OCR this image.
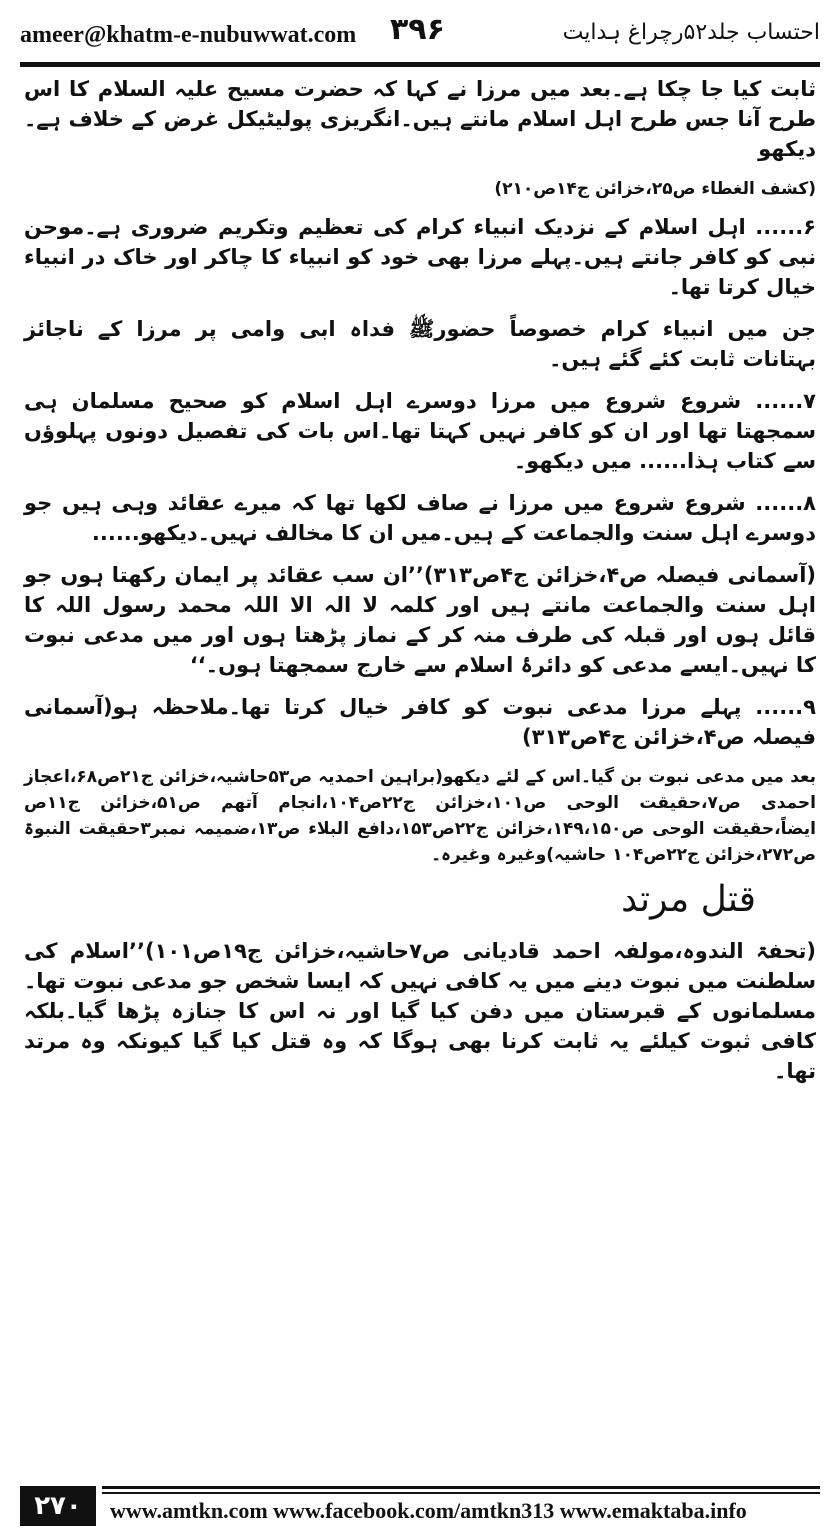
ameer@khatm-e-nubuwwat.com ۳۹۶	احتساب جلد۵۲رچراغ ہدایت

ثابت کیا جا چکا ہے۔بعد میں مرزا نے کہا کہ حضرت مسیح علیہ السلام کا اس طرح آنا جس طرح اہل اسلام مانتے ہیں۔انگریزی پولیٹیکل غرض کے خلاف ہے۔دیکھو

(کشف الغطاء ص۲۵،خزائن ج۱۴ص۲۱۰)

۶...... اہل اسلام کے نزدیک انبیاء کرام کی تعظیم وتکریم ضروری ہے۔موحن نبی کو کافر جانتے ہیں۔پہلے مرزا بھی خود کو انبیاء کا چاکر اور خاک در انبیاء خیال کرتا تھا۔

جن میں انبیاء کرام خصوصاً حضورﷺ فداہ ابی وامی پر مرزا کے ناجائز بہتانات ثابت کئے گئے ہیں۔

۷...... شروع شروع میں مرزا دوسرے اہل اسلام کو صحیح مسلمان ہی سمجھتا تھا اور ان کو کافر نہیں کہتا تھا۔اس بات کی تفصیل دونوں پہلوؤں سے کتاب ہذا...... میں دیکھو۔

۸...... شروع شروع میں مرزا نے صاف لکھا تھا کہ میرے عقائد وہی ہیں جو دوسرے اہل سنت والجماعت کے ہیں۔میں ان کا مخالف نہیں۔دیکھو......

(آسمانی فیصلہ ص۴،خزائن ج۴ص۳۱۳)’’ان سب عقائد پر ایمان رکھتا ہوں جو اہل سنت والجماعت مانتے ہیں اور کلمہ لا الہ الا اللہ محمد رسول اللہ کا قائل ہوں اور قبلہ کی طرف منہ کر کے نماز پڑھتا ہوں اور میں مدعی نبوت کا نہیں۔ایسے مدعی کو دائرۂ اسلام سے خارج سمجھتا ہوں۔‘‘

۹...... پہلے مرزا مدعی نبوت کو کافر خیال کرتا تھا۔ملاحظہ ہو(آسمانی فیصلہ ص۴،خزائن ج۴ص۳۱۳)

بعد میں مدعی نبوت بن گیا۔اس کے لئے دیکھو(براہین احمدیہ ص۵۳حاشیہ،خزائن ج۲۱ص۶۸،اعجاز احمدی ص۷،حقیقت الوحی ص۱۰۱،خزائن ج۲۲ص۱۰۴،انجام آتھم ص۵۱،خزائن ج۱۱ص ایضاً،حقیقت الوحی ص۱۴۹،۱۵۰،خزائن ج۲۲ص۱۵۳،دافع البلاء ص۱۳،ضمیمہ نمبر۳حقیقت النبوۃ ص۲۷۲،خزائن ج۲۲ص۱۰۴ حاشیہ)وغیرہ وغیرہ۔

قتل مرتد

(تحفۃ الندوہ،مولفہ احمد قادیانی ص۷حاشیہ،خزائن ج۱۹ص۱۰۱)’’اسلام کی سلطنت میں نبوت دینے میں یہ کافی نہیں کہ ایسا شخص جو مدعی نبوت تھا۔مسلمانوں کے قبرستان میں دفن کیا گیا اور نہ اس کا جنازہ پڑھا گیا۔بلکہ کافی ثبوت کیلئے یہ ثابت کرنا بھی ہوگا کہ وہ قتل کیا گیا کیونکہ وہ مرتد تھا۔

۲۷۰	www.amtkn.com www.facebook.com/amtkn313 www.emaktaba.info
